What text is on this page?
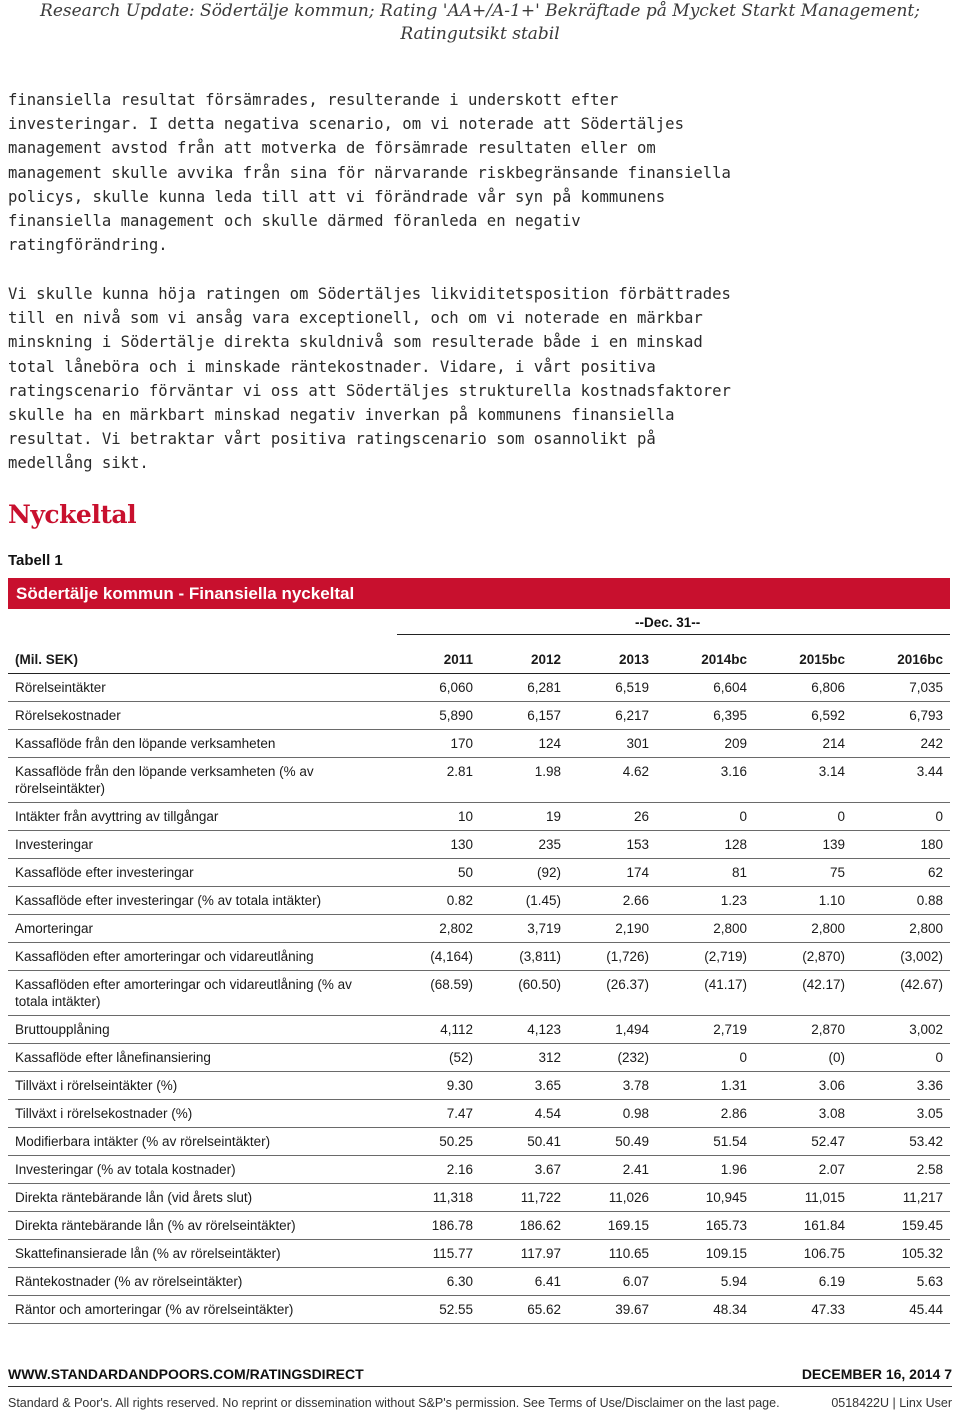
Research Update: Södertälje kommun; Rating 'AA+/A-1+' Bekräftade på Mycket Starkt Management; Ratingutsikt stabil

finansiella resultat försämrades, resulterande i underskott efter
investeringar. I detta negativa scenario, om vi noterade att Södertäljes
management avstod från att motverka de försämrade resultaten eller om
management skulle avvika från sina för närvarande riskbegränsande finansiella
policys, skulle kunna leda till att vi förändrade vår syn på kommunens
finansiella management och skulle därmed föranleda en negativ
ratingförändring.

Vi skulle kunna höja ratingen om Södertäljes likviditetsposition förbättrades
till en nivå som vi ansåg vara exceptionell, och om vi noterade en märkbar
minskning i Södertälje direkta skuldnivå som resulterade både i en minskad
total låneböra och i minskade räntekostnader. Vidare, i vårt positiva
ratingscenario förväntar vi oss att Södertäljes strukturella kostnadsfaktorer
skulle ha en märkbart minskad negativ inverkan på kommunens finansiella
resultat. Vi betraktar vårt positiva ratingscenario som osannolikt på
medellång sikt.

Nyckeltal
Tabell 1
Södertälje kommun - Finansiella nyckeltal
--Dec. 31--
(Mil. SEK)	2011	2012	2013	2014bc	2015bc	2016bc
Rörelseintäkter	6,060	6,281	6,519	6,604	6,806	7,035
Rörelsekostnader	5,890	6,157	6,217	6,395	6,592	6,793
Kassaflöde från den löpande verksamheten	170	124	301	209	214	242
Kassaflöde från den löpande verksamheten (% av rörelseintäkter)	2.81	1.98	4.62	3.16	3.14	3.44
Intäkter från avyttring av tillgångar	10	19	26	0	0	0
Investeringar	130	235	153	128	139	180
Kassaflöde efter investeringar	50	(92)	174	81	75	62
Kassaflöde efter investeringar (% av totala intäkter)	0.82	(1.45)	2.66	1.23	1.10	0.88
Amorteringar	2,802	3,719	2,190	2,800	2,800	2,800
Kassaflöden efter amorteringar och vidareutlåning	(4,164)	(3,811)	(1,726)	(2,719)	(2,870)	(3,002)
Kassaflöden efter amorteringar och vidareutlåning (% av totala intäkter)	(68.59)	(60.50)	(26.37)	(41.17)	(42.17)	(42.67)
Bruttoupplåning	4,112	4,123	1,494	2,719	2,870	3,002
Kassaflöde efter lånefinansiering	(52)	312	(232)	0	(0)	0
Tillväxt i rörelseintäkter (%)	9.30	3.65	3.78	1.31	3.06	3.36
Tillväxt i rörelsekostnader (%)	7.47	4.54	0.98	2.86	3.08	3.05
Modifierbara intäkter (% av rörelseintäkter)	50.25	50.41	50.49	51.54	52.47	53.42
Investeringar (% av totala kostnader)	2.16	3.67	2.41	1.96	2.07	2.58
Direkta räntebärande lån (vid årets slut)	11,318	11,722	11,026	10,945	11,015	11,217
Direkta räntebärande lån (% av rörelseintäkter)	186.78	186.62	169.15	165.73	161.84	159.45
Skattefinansierade lån (% av rörelseintäkter)	115.77	117.97	110.65	109.15	106.75	105.32
Räntekostnader (% av rörelseintäkter)	6.30	6.41	6.07	5.94	6.19	5.63
Räntor och amorteringar (% av rörelseintäkter)	52.55	65.62	39.67	48.34	47.33	45.44
WWW.STANDARDANDPOORS.COM/RATINGSDIRECT	DECEMBER 16, 2014 7
Standard & Poor's. All rights reserved. No reprint or dissemination without S&P's permission. See Terms of Use/Disclaimer on the last page.	0518422U | Linx User
